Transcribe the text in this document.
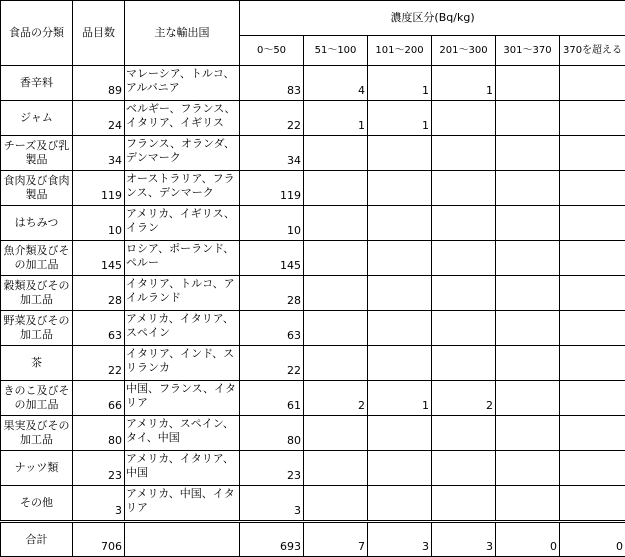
食品の分類	品目数	主な輸出国	濃度区分(Bq/kg)					
			0～50	51～100	101～200	201～300	301～370	370を超える
香辛料	89	マレーシア、トルコ、アルバニア	83	4	1	1		
ジャム	24	ベルギー、フランス、イタリア、イギリス	22	1	1			
チーズ及び乳製品	34	フランス、オランダ、デンマーク	34					
食肉及び食肉製品	119	オーストラリア、フランス、デンマーク	119					
はちみつ	10	アメリカ、イギリス、イラン	10					
魚介類及びその加工品	145	ロシア、ポーランド、ペルー	145					
穀類及びその加工品	28	イタリア、トルコ、アイルランド	28					
野菜及びその加工品	63	アメリカ、イタリア、スペイン	63					
茶	22	イタリア、インド、スリランカ	22					
きのこ及びその加工品	66	中国、フランス、イタリア	61	2	1	2		
果実及びその加工品	80	アメリカ、スペイン、タイ、中国	80					
ナッツ類	23	アメリカ、イタリア、中国	23					
その他	3	アメリカ、中国、イタリア	3					
合計	706		693	7	3	3	0	0
